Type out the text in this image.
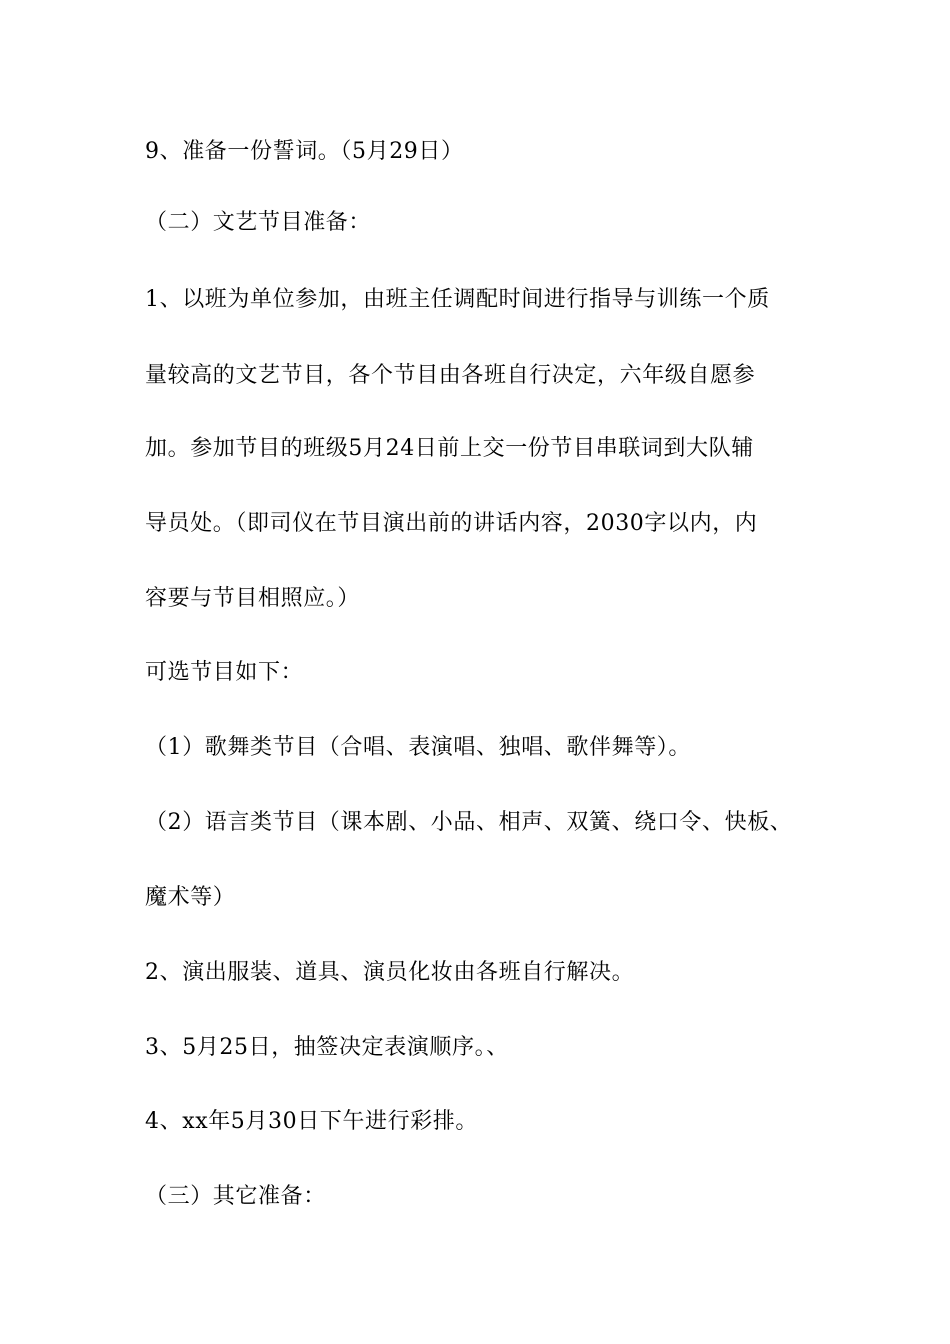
9、准备一份誓词。（5月29日）
（二）文艺节目准备：
1、以班为单位参加，由班主任调配时间进行指导与训练一个质
量较高的文艺节目，各个节目由各班自行决定，六年级自愿参
加。参加节目的班级5月24日前上交一份节目串联词到大队辅
导员处。（即司仪在节目演出前的讲话内容，2030字以内，内
容要与节目相照应。）
可选节目如下：
（1）歌舞类节目（合唱、表演唱、独唱、歌伴舞等）。
（2）语言类节目（课本剧、小品、相声、双簧、绕口令、快板、
魔术等）
2、演出服装、道具、演员化妆由各班自行解决。
3、5月25日，抽签决定表演顺序。、
4、xx年5月30日下午进行彩排。
（三）其它准备：
